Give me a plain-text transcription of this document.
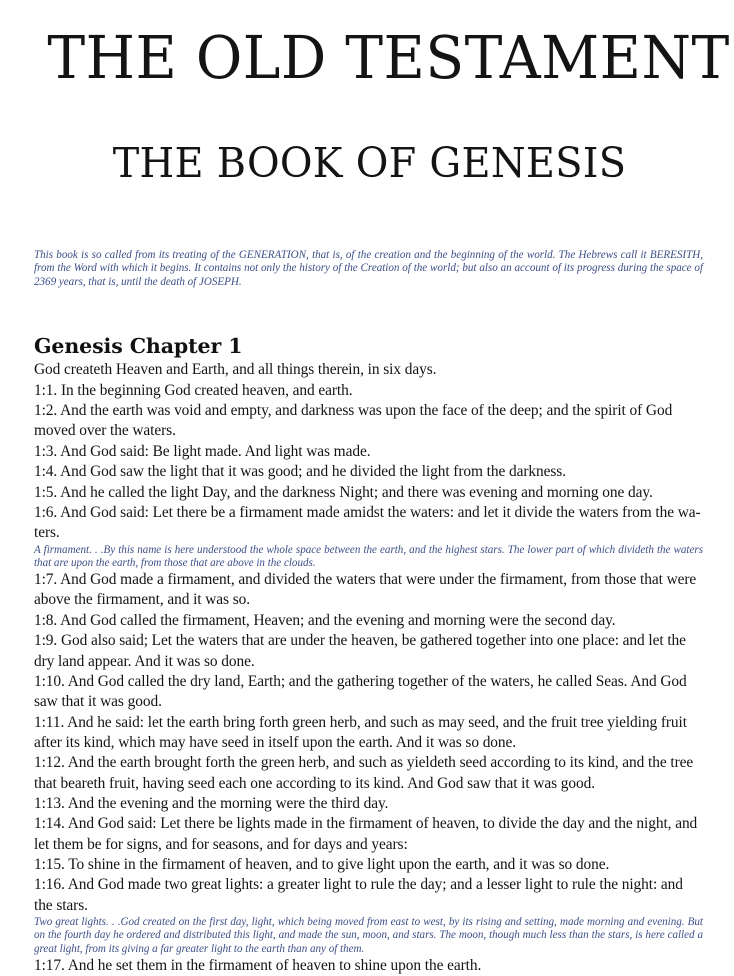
THE OLD TESTAMENT
THE BOOK OF GENESIS

This book is so called from its treating of the GENERATION, that is, of the creation and the beginning of the world. The Hebrews call it BERESITH, from the Word with which it begins. It contains not only the history of the Creation of the world; but also an account of its progress during the space of 2369 years, that is, until the death of JOSEPH.

Genesis Chapter 1

God createth Heaven and Earth, and all things therein, in six days.

1:1. In the beginning God created heaven, and earth.

1:2. And the earth was void and empty, and darkness was upon the face of the deep; and the spirit of God moved over the waters.

1:3. And God said: Be light made. And light was made.

1:4. And God saw the light that it was good; and he divided the light from the darkness.

1:5. And he called the light Day, and the darkness Night; and there was evening and morning one day.

1:6. And God said: Let there be a firmament made amidst the waters: and let it divide the waters from the wa-ters.

A firmament. . .By this name is here understood the whole space between the earth, and the highest stars. The lower part of which divideth the waters that are upon the earth, from those that are above in the clouds.

1:7. And God made a firmament, and divided the waters that were under the firmament, from those that were above the firmament, and it was so.

1:8. And God called the firmament, Heaven; and the evening and morning were the second day.

1:9. God also said; Let the waters that are under the heaven, be gathered together into one place: and let the dry land appear. And it was so done.

1:10. And God called the dry land, Earth; and the gathering together of the waters, he called Seas. And God saw that it was good.

1:11. And he said: let the earth bring forth green herb, and such as may seed, and the fruit tree yielding fruit after its kind, which may have seed in itself upon the earth. And it was so done.

1:12. And the earth brought forth the green herb, and such as yieldeth seed according to its kind, and the tree that beareth fruit, having seed each one according to its kind. And God saw that it was good.

1:13. And the evening and the morning were the third day.

1:14. And God said: Let there be lights made in the firmament of heaven, to divide the day and the night, and let them be for signs, and for seasons, and for days and years:

1:15. To shine in the firmament of heaven, and to give light upon the earth, and it was so done.

1:16. And God made two great lights: a greater light to rule the day; and a lesser light to rule the night: and the stars.

Two great lights. . .God created on the first day, light, which being moved from east to west, by its rising and setting, made morning and evening. But on the fourth day he ordered and distributed this light, and made the sun, moon, and stars. The moon, though much less than the stars, is here called a great light, from its giving a far greater light to the earth than any of them.

1:17. And he set them in the firmament of heaven to shine upon the earth.
